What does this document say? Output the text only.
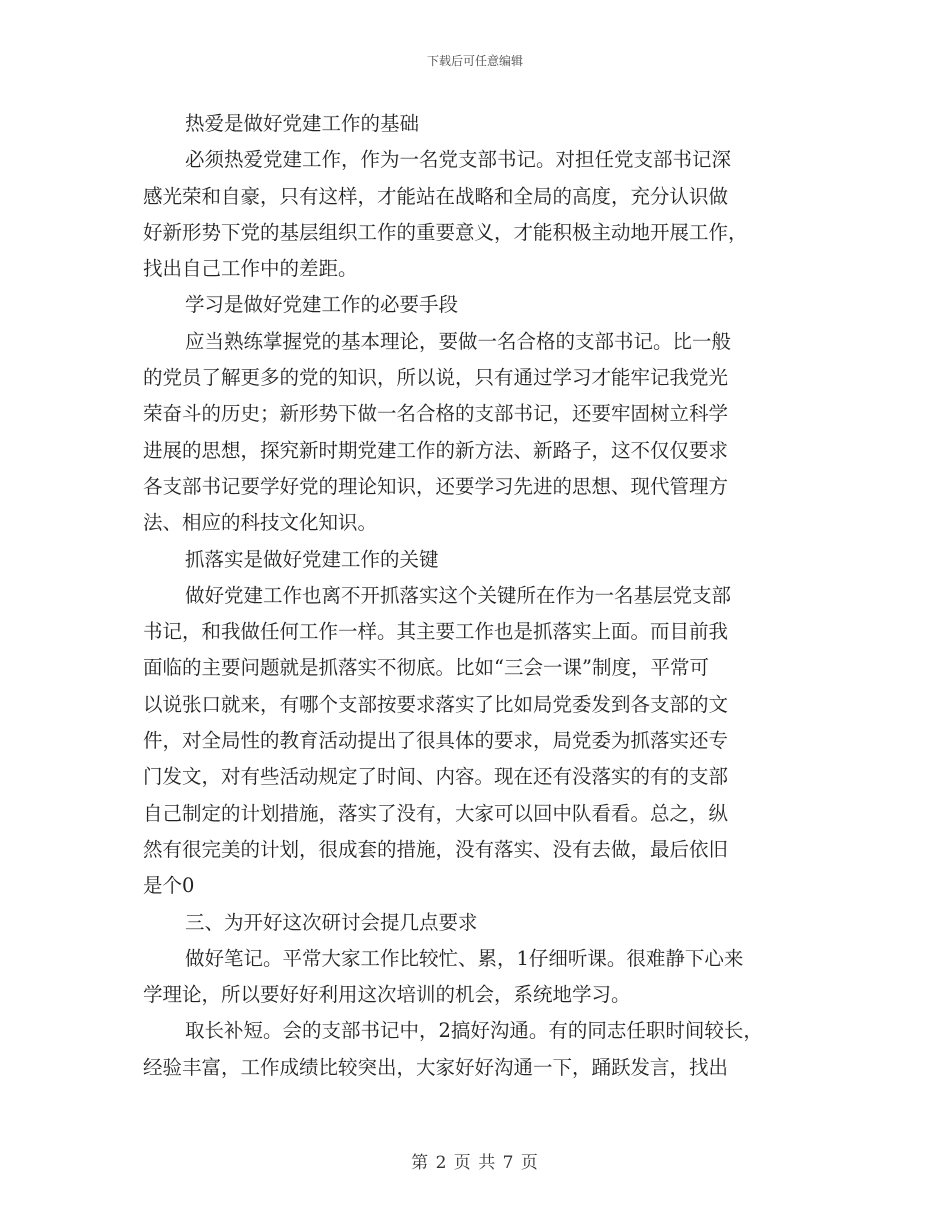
下载后可任意编辑
热爱是做好党建工作的基础
必须热爱党建工作，作为一名党支部书记。对担任党支部书记深
感光荣和自豪，只有这样，才能站在战略和全局的高度，充分认识做
好新形势下党的基层组织工作的重要意义，才能积极主动地开展工作，
找出自己工作中的差距。
学习是做好党建工作的必要手段
应当熟练掌握党的基本理论，要做一名合格的支部书记。比一般
的党员了解更多的党的知识，所以说，只有通过学习才能牢记我党光
荣奋斗的历史；新形势下做一名合格的支部书记，还要牢固树立科学
进展的思想，探究新时期党建工作的新方法、新路子，这不仅仅要求
各支部书记要学好党的理论知识，还要学习先进的思想、现代管理方
法、相应的科技文化知识。
抓落实是做好党建工作的关键
做好党建工作也离不开抓落实这个关键所在作为一名基层党支部
书记，和我做任何工作一样。其主要工作也是抓落实上面。而目前我
面临的主要问题就是抓落实不彻底。比如“三会一课”制度，平常可
以说张口就来，有哪个支部按要求落实了比如局党委发到各支部的文
件，对全局性的教育活动提出了很具体的要求，局党委为抓落实还专
门发文，对有些活动规定了时间、内容。现在还有没落实的有的支部
自己制定的计划措施，落实了没有，大家可以回中队看看。总之，纵
然有很完美的计划，很成套的措施，没有落实、没有去做，最后依旧
是个0
三、为开好这次研讨会提几点要求
做好笔记。平常大家工作比较忙、累，1仔细听课。很难静下心来
学理论，所以要好好利用这次培训的机会，系统地学习。
取长补短。会的支部书记中，2搞好沟通。有的同志任职时间较长，
经验丰富，工作成绩比较突出，大家好好沟通一下，踊跃发言，找出
第 2 页 共 7 页
